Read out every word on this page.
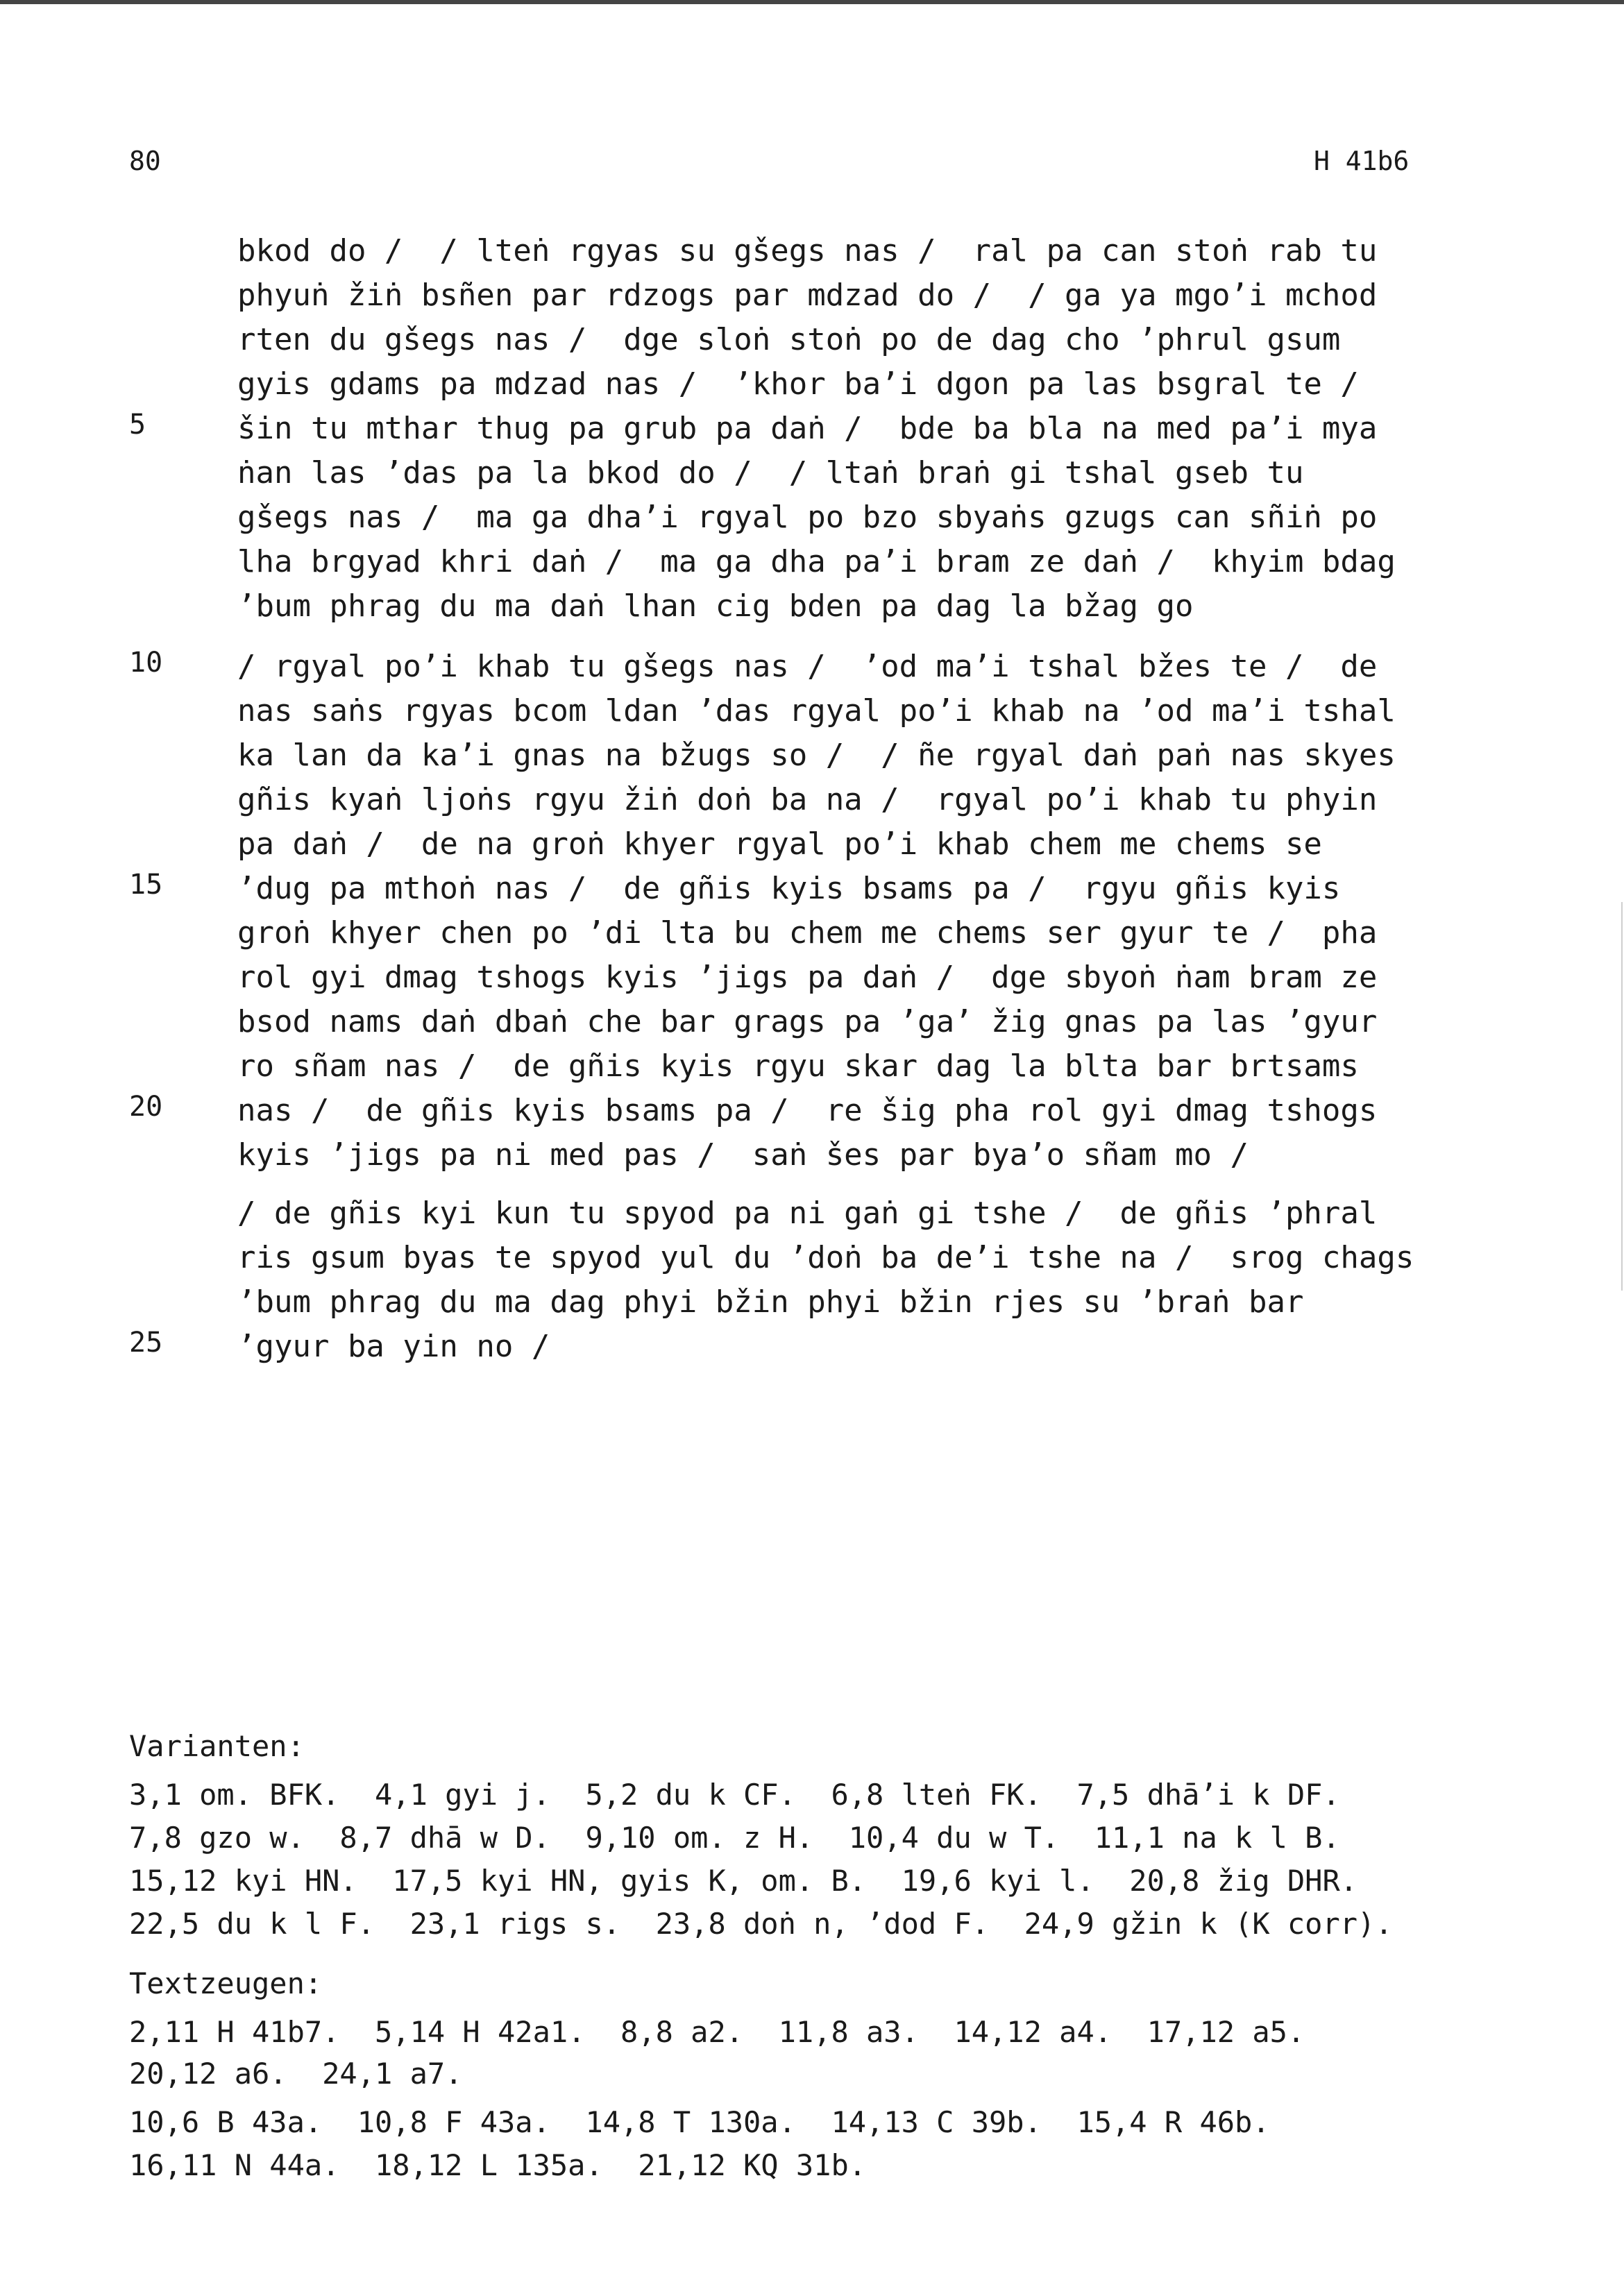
80	H 41b6
bkod do /  / lteṅ rgyas su gšegs nas /  ral pa can stoṅ rab tu
phyuṅ žiṅ bsñen par rdzogs par mdzad do /  / ga ya mgo’i mchod
rten du gšegs nas /  dge sloṅ stoṅ po de dag cho ’phrul gsum
gyis gdams pa mdzad nas /  ’khor ba’i dgon pa las bsgral te /
5	šin tu mthar thug pa grub pa daṅ /  bde ba bla na med pa’i mya
ṅan las ’das pa la bkod do /  / ltaṅ braṅ gi tshal gseb tu
gšegs nas /  ma ga dha’i rgyal po bzo sbyaṅs gzugs can sñiṅ po
lha brgyad khri daṅ /  ma ga dha pa’i bram ze daṅ /  khyim bdag
’bum phrag du ma daṅ lhan cig bden pa dag la bžag go
10 / rgyal po’i khab tu gšegs nas /  ’od ma’i tshal bžes te /  de
nas saṅs rgyas bcom ldan ’das rgyal po’i khab na ’od ma’i tshal
ka lan da ka’i gnas na bžugs so /  / ñe rgyal daṅ paṅ nas skyes
gñis kyaṅ ljoṅs rgyu žiṅ doṅ ba na /  rgyal po’i khab tu phyin
pa daṅ /  de na groṅ khyer rgyal po’i khab chem me chems se
15 ’dug pa mthoṅ nas /  de gñis kyis bsams pa /  rgyu gñis kyis
groṅ khyer chen po ’di lta bu chem me chems ser gyur te /  pha
rol gyi dmag tshogs kyis ’jigs pa daṅ /  dge sbyoṅ ṅam bram ze
bsod nams daṅ dbaṅ che bar grags pa ’ga’ žig gnas pa las ’gyur
ro sñam nas /  de gñis kyis rgyu skar dag la blta bar brtsams
20 nas /  de gñis kyis bsams pa /  re šig pha rol gyi dmag tshogs
kyis ’jigs pa ni med pas /  saṅ šes par bya’o sñam mo /
/ de gñis kyi kun tu spyod pa ni gaṅ gi tshe /  de gñis ’phral
ris gsum byas te spyod yul du ’doṅ ba de’i tshe na /  srog chags
’bum phrag du ma dag phyi bžin phyi bžin rjes su ’braṅ bar
25 ’gyur ba yin no /
Varianten:
3,1 om. BFK.  4,1 gyi j.  5,2 du k CF.  6,8 lteṅ FK.  7,5 dhā’i k DF.
7,8 gzo w.  8,7 dhā w D.  9,10 om. z H.  10,4 du w T.  11,1 na k l B.
15,12 kyi HN.  17,5 kyi HN, gyis K, om. B.  19,6 kyi l.  20,8 žig DHR.
22,5 du k l F.  23,1 rigs s.  23,8 doṅ n, ’dod F.  24,9 gžin k (K corr).
Textzeugen:
2,11 H 41b7.  5,14 H 42a1.  8,8 a2.  11,8 a3.  14,12 a4.  17,12 a5.
20,12 a6.  24,1 a7.
10,6 B 43a.  10,8 F 43a.  14,8 T 130a.  14,13 C 39b.  15,4 R 46b.
16,11 N 44a.  18,12 L 135a.  21,12 KQ 31b.
